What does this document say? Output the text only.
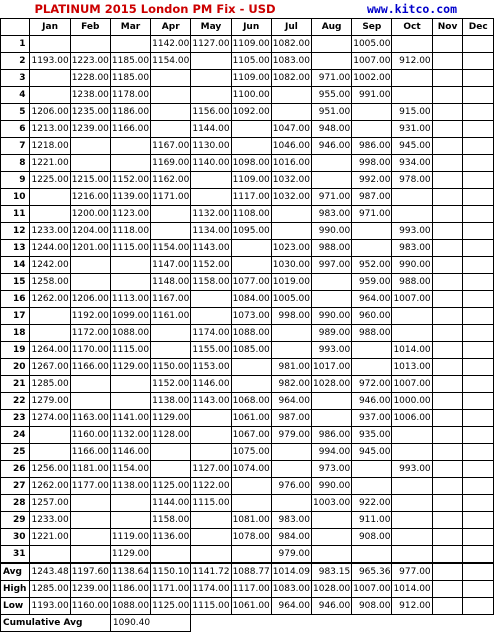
PLATINUM 2015 London PM Fix - USD	www.kitco.com
	Jan	Feb	Mar	Apr	May	Jun	Jul	Aug	Sep	Oct	Nov	Dec
1				1142.00	1127.00	1109.00	1082.00		1005.00			
2	1193.00	1223.00	1185.00	1154.00		1105.00	1083.00		1007.00	912.00		
3		1228.00	1185.00			1109.00	1082.00	971.00	1002.00			
4		1238.00	1178.00			1100.00		955.00	991.00			
5	1206.00	1235.00	1186.00		1156.00	1092.00		951.00		915.00		
6	1213.00	1239.00	1166.00		1144.00		1047.00	948.00		931.00		
7	1218.00			1167.00	1130.00		1046.00	946.00	986.00	945.00		
8	1221.00			1169.00	1140.00	1098.00	1016.00		998.00	934.00		
9	1225.00	1215.00	1152.00	1162.00		1109.00	1032.00		992.00	978.00		
10		1216.00	1139.00	1171.00		1117.00	1032.00	971.00	987.00			
11		1200.00	1123.00		1132.00	1108.00		983.00	971.00			
12	1233.00	1204.00	1118.00		1134.00	1095.00		990.00		993.00		
13	1244.00	1201.00	1115.00	1154.00	1143.00		1023.00	988.00		983.00		
14	1242.00			1147.00	1152.00		1030.00	997.00	952.00	990.00		
15	1258.00			1148.00	1158.00	1077.00	1019.00		959.00	988.00		
16	1262.00	1206.00	1113.00	1167.00		1084.00	1005.00		964.00	1007.00		
17		1192.00	1099.00	1161.00		1073.00	998.00	990.00	960.00			
18		1172.00	1088.00		1174.00	1088.00		989.00	988.00			
19	1264.00	1170.00	1115.00		1155.00	1085.00		993.00		1014.00		
20	1267.00	1166.00	1129.00	1150.00	1153.00		981.00	1017.00		1013.00		
21	1285.00			1152.00	1146.00		982.00	1028.00	972.00	1007.00		
22	1279.00			1138.00	1143.00	1068.00	964.00		946.00	1000.00		
23	1274.00	1163.00	1141.00	1129.00		1061.00	987.00		937.00	1006.00		
24		1160.00	1132.00	1128.00		1067.00	979.00	986.00	935.00			
25		1166.00	1146.00			1075.00		994.00	945.00			
26	1256.00	1181.00	1154.00		1127.00	1074.00		973.00		993.00		
27	1262.00	1177.00	1138.00	1125.00	1122.00		976.00	990.00				
28	1257.00			1144.00	1115.00			1003.00	922.00			
29	1233.00			1158.00		1081.00	983.00		911.00			
30	1221.00		1119.00	1136.00		1078.00	984.00		908.00			
31			1129.00				979.00					
Avg	1243.48	1197.60	1138.64	1150.10	1141.72	1088.77	1014.09	983.15	965.36	977.00		
High	1285.00	1239.00	1186.00	1171.00	1174.00	1117.00	1083.00	1028.00	1007.00	1014.00		
Low	1193.00	1160.00	1088.00	1125.00	1115.00	1061.00	964.00	946.00	908.00	912.00		
Cumulative Avg			1090.40									
